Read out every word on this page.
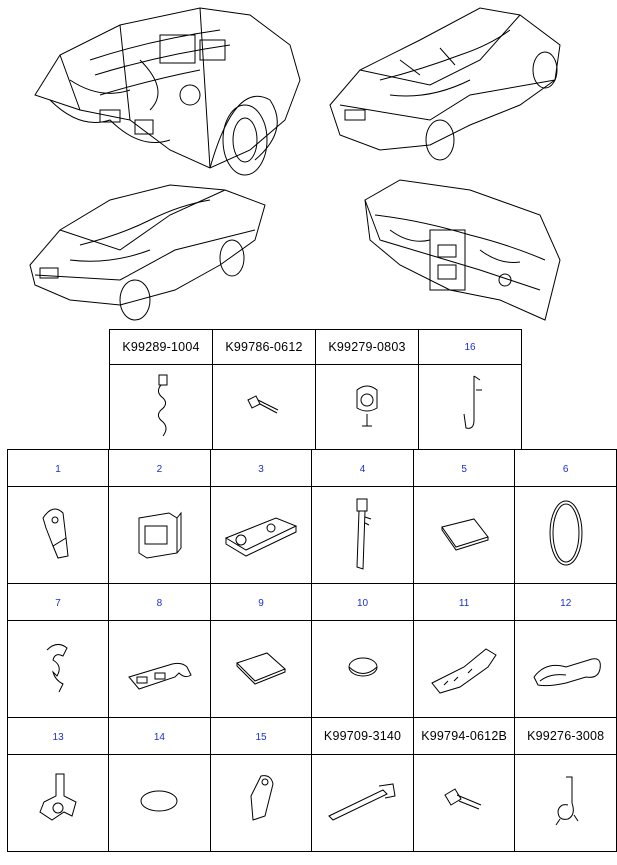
K99289-1004	K99786-0612	K99279-0803	16

1	2	3	4	5	6

7	8	9	10	11	12

13	14	15	K99709-3140	K99794-0612B	K99276-3008
